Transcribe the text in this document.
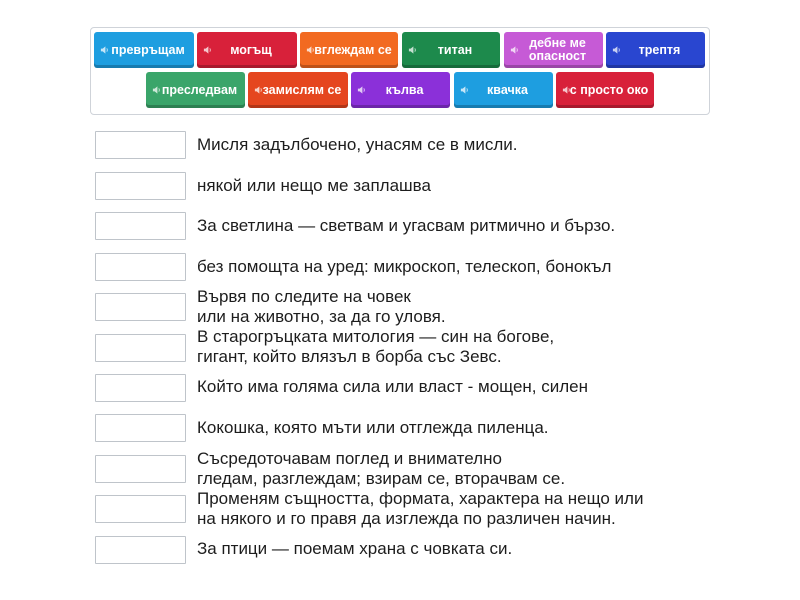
превръщам	могъщ	вглеждам се	титан	дебне ме опасност	трептя
преследвам	замислям се	кълва	квачка	с просто око
Мисля задълбочено, унасям се в мисли.
някой или нещо ме заплашва
За светлина — светвам и угасвам ритмично и бързо.
без помощта на уред: микроскоп, телескоп, бонокъл
Вървя по следите на човек
или на животно, за да го уловя.
В старогръцката митология — син на богове,
гигант, който влязъл в борба със Зевс.
Който има голяма сила или власт - мощен, силен
Кокошка, която мъти или отглежда пиленца.
Съсредоточавам поглед и внимателно
гледам, разглеждам; взирам се, вторачвам се.
Променям същността, формата, характера на нещо или
на някого и го правя да изглежда по различен начин.
За птици — поемам храна с човката си.
